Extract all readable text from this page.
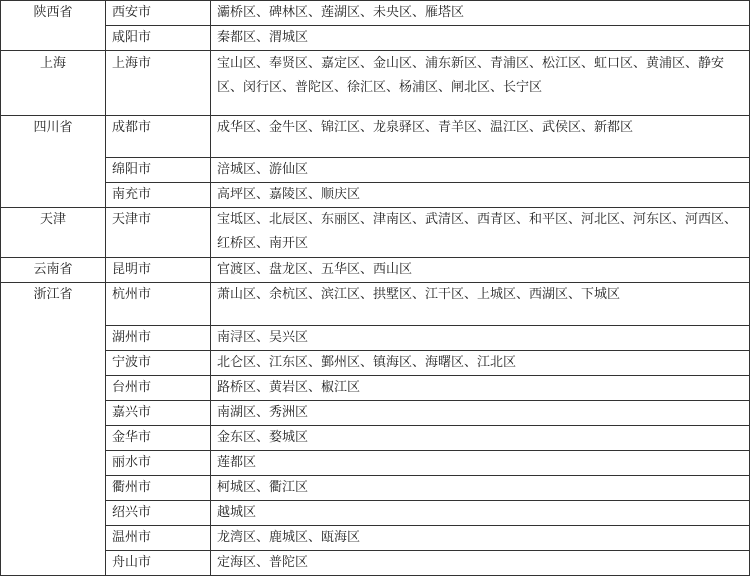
陕西省	西安市	灞桥区、碑林区、莲湖区、未央区、雁塔区
	咸阳市	秦都区、渭城区
上海	上海市	宝山区、奉贤区、嘉定区、金山区、浦东新区、青浦区、松江区、虹口区、黄浦区、静安区、闵行区、普陀区、徐汇区、杨浦区、闸北区、长宁区
四川省	成都市	成华区、金牛区、锦江区、龙泉驿区、青羊区、温江区、武侯区、新都区
	绵阳市	涪城区、游仙区
	南充市	高坪区、嘉陵区、顺庆区
天津	天津市	宝坻区、北辰区、东丽区、津南区、武清区、西青区、和平区、河北区、河东区、河西区、红桥区、南开区
云南省	昆明市	官渡区、盘龙区、五华区、西山区
浙江省	杭州市	萧山区、余杭区、滨江区、拱墅区、江干区、上城区、西湖区、下城区
	湖州市	南浔区、吴兴区
	宁波市	北仑区、江东区、鄞州区、镇海区、海曙区、江北区
	台州市	路桥区、黄岩区、椒江区
	嘉兴市	南湖区、秀洲区
	金华市	金东区、婺城区
	丽水市	莲都区
	衢州市	柯城区、衢江区
	绍兴市	越城区
	温州市	龙湾区、鹿城区、瓯海区
	舟山市	定海区、普陀区
